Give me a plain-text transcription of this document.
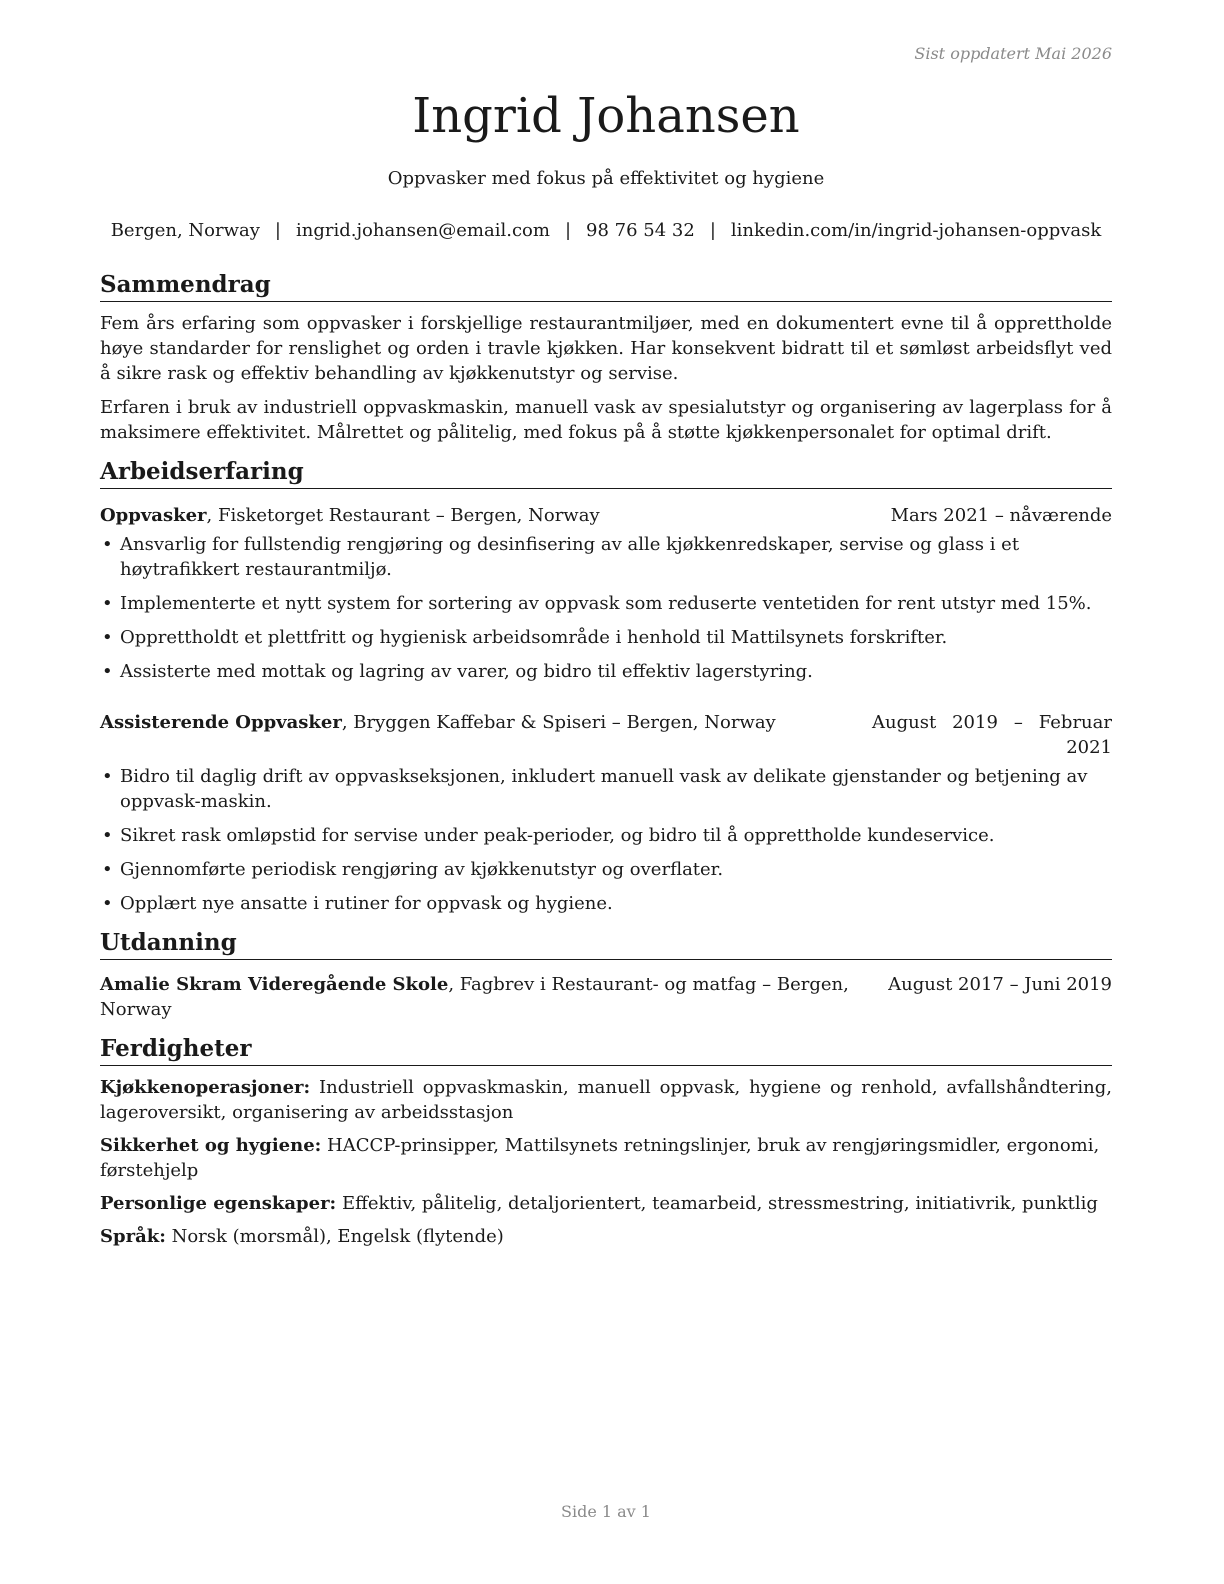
Sist oppdatert Mai 2026
Ingrid Johansen
Oppvasker med fokus på effektivitet og hygiene
Bergen, Norway | ingrid.johansen@email.com | 98 76 54 32 | linkedin.com/in/ingrid-johansen-oppvask
Sammendrag

Fem års erfaring som oppvasker i forskjellige restaurantmiljøer, med en dokumentert evne til å opprettholde høye standarder for renslighet og orden i travle kjøkken. Har konsekvent bidratt til et sømløst arbeidsflyt ved å sikre rask og effektiv behandling av kjøkkenutstyr og servise.

Erfaren i bruk av industriell oppvaskmaskin, manuell vask av spesialutstyr og organisering av lagerplass for å maksimere effektivitet. Målrettet og pålitelig, med fokus på å støtte kjøkkenpersonalet for optimal drift.

Arbeidserfaring
Oppvasker, Fisketorget Restaurant – Bergen, Norway	Mars 2021 – nåværende
• Ansvarlig for fullstendig rengjøring og desinfisering av alle kjøkkenredskaper, servise og glass i et høytrafikkert restaurantmiljø.
• Implementerte et nytt system for sortering av oppvask som reduserte ventetiden for rent utstyr med 15%.
• Opprettholdt et plettfritt og hygienisk arbeidsområde i henhold til Mattilsynets forskrifter.
• Assisterte med mottak og lagring av varer, og bidro til effektiv lagerstyring.
Assisterende Oppvasker, Bryggen Kaffebar & Spiseri – Bergen, Norway	August 2019 – Februar 2021
• Bidro til daglig drift av oppvaskseksjonen, inkludert manuell vask av delikate gjenstander og betjening av oppvask-maskin.
• Sikret rask omløpstid for servise under peak-perioder, og bidro til å opprettholde kundeservice.
• Gjennomførte periodisk rengjøring av kjøkkenutstyr og overflater.
• Opplært nye ansatte i rutiner for oppvask og hygiene.
Utdanning
Amalie Skram Videregående Skole, Fagbrev i Restaurant- og matfag – Bergen, Norway
August 2017 – Juni 2019
Ferdigheter
Kjøkkenoperasjoner: Industriell oppvaskmaskin, manuell oppvask, hygiene og renhold, avfallshåndtering, lageroversikt, organisering av arbeidsstasjon
Sikkerhet og hygiene: HACCP-prinsipper, Mattilsynets retningslinjer, bruk av rengjøringsmidler, ergonomi, førstehjelp
Personlige egenskaper: Effektiv, pålitelig, detaljorientert, teamarbeid, stressmestring, initiativrik, punktlig
Språk: Norsk (morsmål), Engelsk (flytende)
Side 1 av 1
